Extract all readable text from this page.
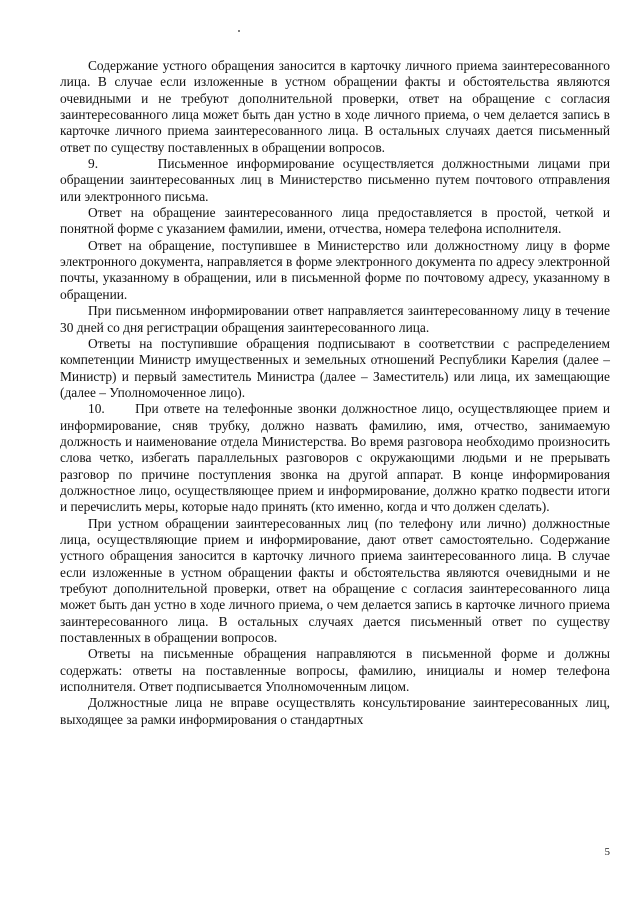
Содержание устного обращения заносится в карточку личного приема заинтересованного лица. В случае если изложенные в устном обращении факты и обстоятельства являются очевидными и не требуют дополнительной проверки, ответ на обращение с согласия заинтересованного лица может быть дан устно в ходе личного приема, о чем делается запись в карточке личного приема заинтересованного лица. В остальных случаях дается письменный ответ по существу поставленных в обращении вопросов.

9.       Письменное информирование осуществляется должностными лицами при обращении заинтересованных лиц в Министерство письменно путем почтового отправления или электронного письма.

Ответ на обращение заинтересованного лица предоставляется в простой, четкой и понятной форме с указанием фамилии, имени, отчества, номера телефона исполнителя.

Ответ на обращение, поступившее в Министерство или должностному лицу в форме электронного документа, направляется в форме электронного документа по адресу электронной почты, указанному в обращении, или в письменной форме по почтовому адресу, указанному в обращении.

При письменном информировании ответ направляется заинтересованному лицу в течение 30 дней со дня регистрации обращения заинтересованного лица.

Ответы на поступившие обращения подписывают в соответствии с распределением компетенции Министр имущественных и земельных отношений Республики Карелия (далее – Министр) и первый заместитель Министра (далее – Заместитель) или лица, их замещающие (далее – Уполномоченное лицо).

10.      При ответе на телефонные звонки должностное лицо, осуществляющее прием и информирование, сняв трубку, должно назвать фамилию, имя, отчество, занимаемую должность и наименование отдела Министерства. Во время разговора необходимо произносить слова четко, избегать параллельных разговоров с окружающими людьми и не прерывать разговор по причине поступления звонка на другой аппарат. В конце информирования должностное лицо, осуществляющее прием и информирование, должно кратко подвести итоги и перечислить меры, которые надо принять (кто именно, когда и что должен сделать).

При устном обращении заинтересованных лиц (по телефону или лично) должностные лица, осуществляющие прием и информирование, дают ответ самостоятельно. Содержание устного обращения заносится в карточку личного приема заинтересованного лица. В случае если изложенные в устном обращении факты и обстоятельства являются очевидными и не требуют дополнительной проверки, ответ на обращение с согласия заинтересованного лица может быть дан устно в ходе личного приема, о чем делается запись в карточке личного приема заинтересованного лица. В остальных случаях дается письменный ответ по существу поставленных в обращении вопросов.

Ответы на письменные обращения направляются в письменной форме и должны содержать: ответы на поставленные вопросы, фамилию, инициалы и номер телефона исполнителя. Ответ подписывается Уполномоченным лицом.

Должностные лица не вправе осуществлять консультирование заинтересованных лиц, выходящее за рамки информирования о стандартных

5
